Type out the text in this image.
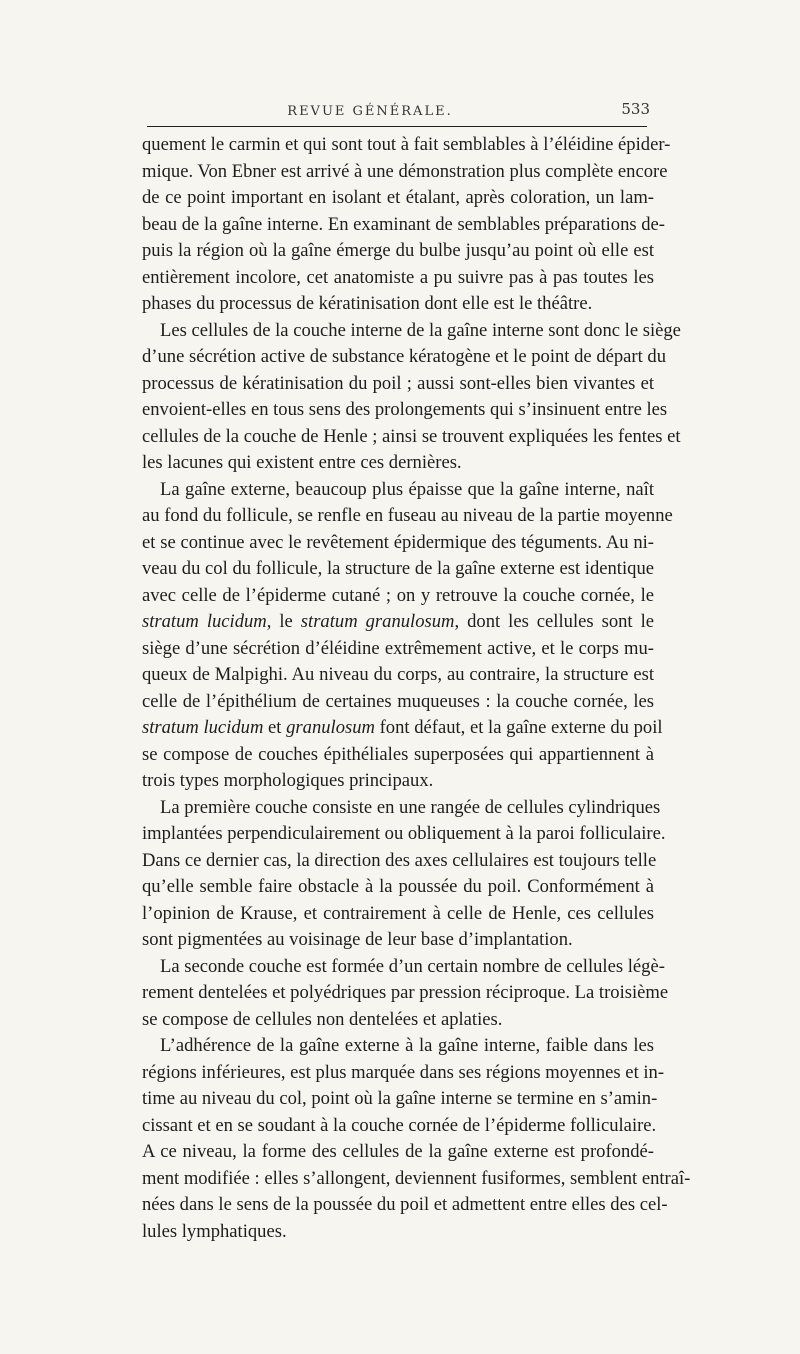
REVUE GÉNÉRALE.	533
quement le carmin et qui sont tout à fait semblables à l’éléidine épider-
mique. Von Ebner est arrivé à une démonstration plus complète encore
de ce point important en isolant et étalant, après coloration, un lam-
beau de la gaîne interne. En examinant de semblables préparations de-
puis la région où la gaîne émerge du bulbe jusqu’au point où elle est
entièrement incolore, cet anatomiste a pu suivre pas à pas toutes les
phases du processus de kératinisation dont elle est le théâtre.
Les cellules de la couche interne de la gaîne interne sont donc le siège
d’une sécrétion active de substance kératogène et le point de départ du
processus de kératinisation du poil ; aussi sont-elles bien vivantes et
envoient-elles en tous sens des prolongements qui s’insinuent entre les
cellules de la couche de Henle ; ainsi se trouvent expliquées les fentes et
les lacunes qui existent entre ces dernières.
La gaîne externe, beaucoup plus épaisse que la gaîne interne, naît
au fond du follicule, se renfle en fuseau au niveau de la partie moyenne
et se continue avec le revêtement épidermique des téguments. Au ni-
veau du col du follicule, la structure de la gaîne externe est identique
avec celle de l’épiderme cutané ; on y retrouve la couche cornée, le
stratum lucidum, le stratum granulosum, dont les cellules sont le
siège d’une sécrétion d’éléidine extrêmement active, et le corps mu-
queux de Malpighi. Au niveau du corps, au contraire, la structure est
celle de l’épithélium de certaines muqueuses : la couche cornée, les
stratum lucidum et granulosum font défaut, et la gaîne externe du poil
se compose de couches épithéliales superposées qui appartiennent à
trois types morphologiques principaux.
La première couche consiste en une rangée de cellules cylindriques
implantées perpendiculairement ou obliquement à la paroi folliculaire.
Dans ce dernier cas, la direction des axes cellulaires est toujours telle
qu’elle semble faire obstacle à la poussée du poil. Conformément à
l’opinion de Krause, et contrairement à celle de Henle, ces cellules
sont pigmentées au voisinage de leur base d’implantation.
La seconde couche est formée d’un certain nombre de cellules légè-
rement dentelées et polyédriques par pression réciproque. La troisième
se compose de cellules non dentelées et aplaties.
L’adhérence de la gaîne externe à la gaîne interne, faible dans les
régions inférieures, est plus marquée dans ses régions moyennes et in-
time au niveau du col, point où la gaîne interne se termine en s’amin-
cissant et en se soudant à la couche cornée de l’épiderme folliculaire.
A ce niveau, la forme des cellules de la gaîne externe est profondé-
ment modifiée : elles s’allongent, deviennent fusiformes, semblent entraî-
nées dans le sens de la poussée du poil et admettent entre elles des cel-
lules lymphatiques.
